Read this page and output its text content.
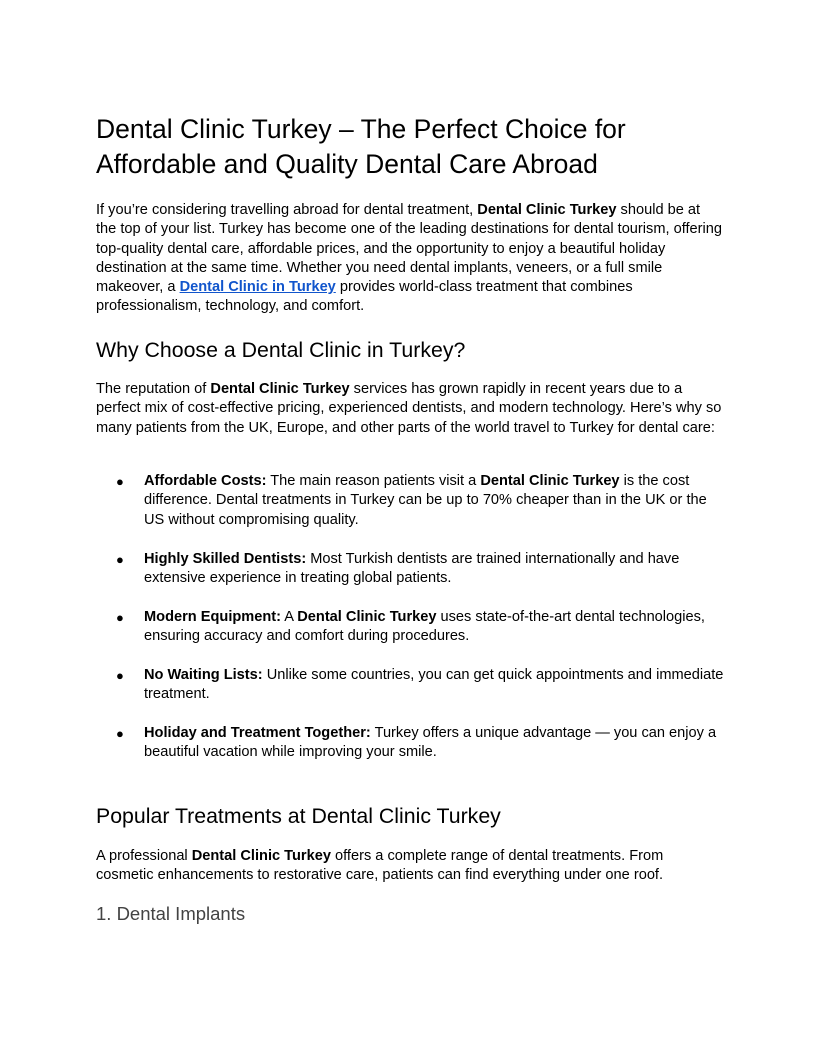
Dental Clinic Turkey – The Perfect Choice for Affordable and Quality Dental Care Abroad

If you’re considering travelling abroad for dental treatment, Dental Clinic Turkey should be at the top of your list. Turkey has become one of the leading destinations for dental tourism, offering top-quality dental care, affordable prices, and the opportunity to enjoy a beautiful holiday destination at the same time. Whether you need dental implants, veneers, or a full smile makeover, a Dental Clinic in Turkey provides world-class treatment that combines professionalism, technology, and comfort.

Why Choose a Dental Clinic in Turkey?

The reputation of Dental Clinic Turkey services has grown rapidly in recent years due to a perfect mix of cost-effective pricing, experienced dentists, and modern technology. Here’s why so many patients from the UK, Europe, and other parts of the world travel to Turkey for dental care:

● Affordable Costs: The main reason patients visit a Dental Clinic Turkey is the cost difference. Dental treatments in Turkey can be up to 70% cheaper than in the UK or the US without compromising quality.
● Highly Skilled Dentists: Most Turkish dentists are trained internationally and have extensive experience in treating global patients.
● Modern Equipment: A Dental Clinic Turkey uses state-of-the-art dental technologies, ensuring accuracy and comfort during procedures.
● No Waiting Lists: Unlike some countries, you can get quick appointments and immediate treatment.
● Holiday and Treatment Together: Turkey offers a unique advantage — you can enjoy a beautiful vacation while improving your smile.
Popular Treatments at Dental Clinic Turkey

A professional Dental Clinic Turkey offers a complete range of dental treatments. From cosmetic enhancements to restorative care, patients can find everything under one roof.

1. Dental Implants
